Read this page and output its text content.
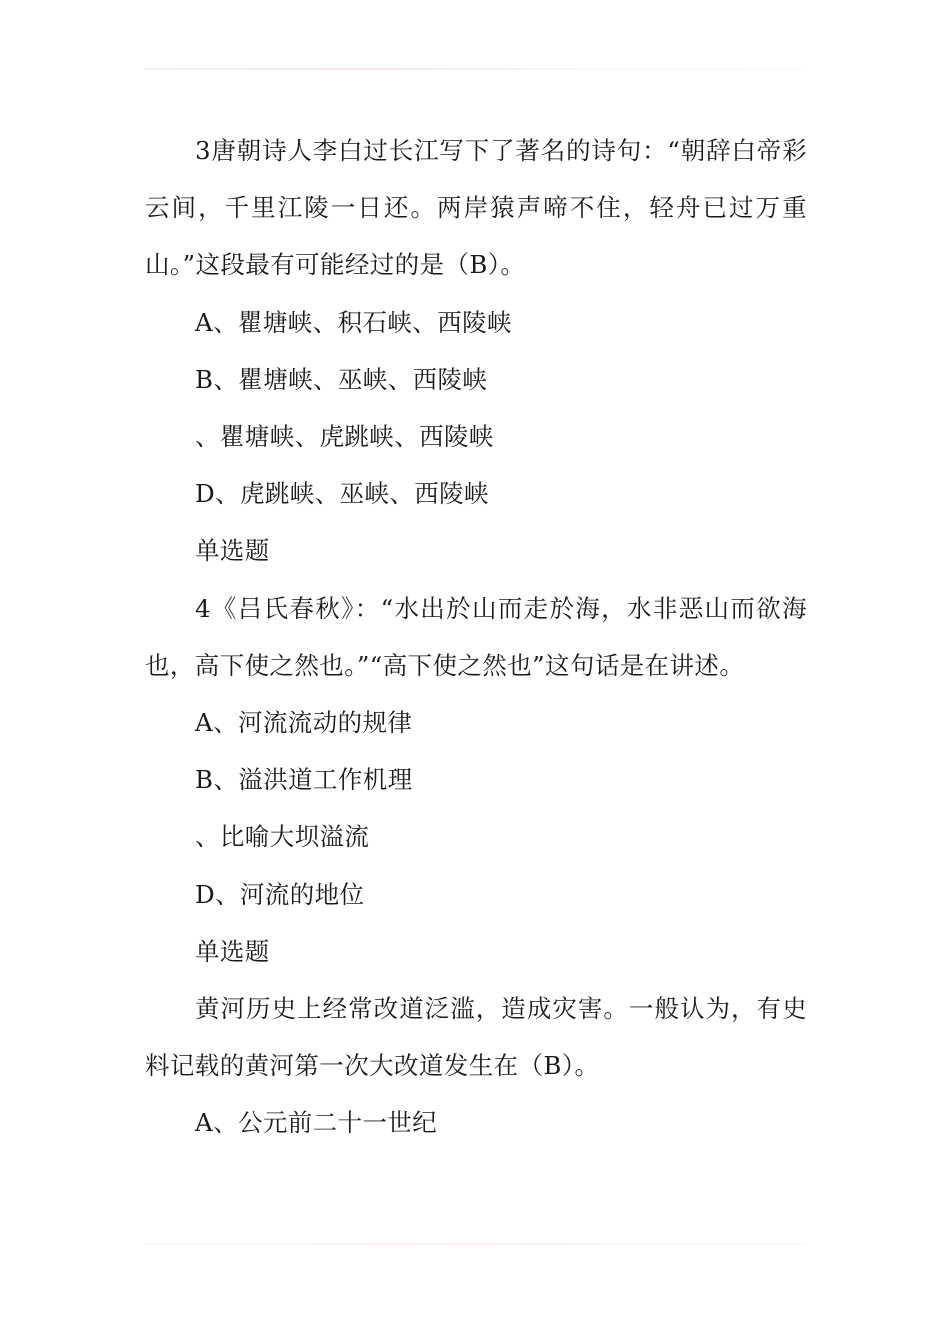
3唐朝诗人李白过长江写下了著名的诗句：“朝辞白帝彩云间，千里江陵一日还。两岸猿声啼不住，轻舟已过万重山。”这段最有可能经过的是（B）。

A、瞿塘峡、积石峡、西陵峡

B、瞿塘峡、巫峡、西陵峡

、瞿塘峡、虎跳峡、西陵峡

D、虎跳峡、巫峡、西陵峡

单选题

4《吕氏春秋》：“水出於山而走於海，水非恶山而欲海也，高下使之然也。”“高下使之然也”这句话是在讲述。

A、河流流动的规律

B、溢洪道工作机理

、比喻大坝溢流

D、河流的地位

单选题

黄河历史上经常改道泛滥，造成灾害。一般认为，有史料记载的黄河第一次大改道发生在（B）。

A、公元前二十一世纪
